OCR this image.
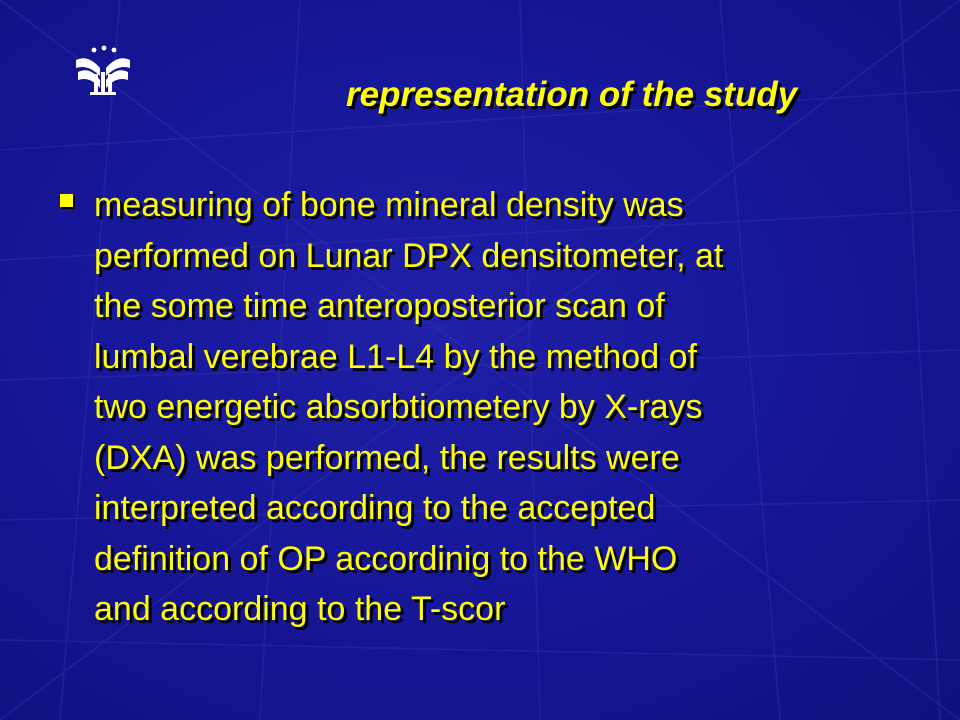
representation of the study

measuring of bone mineral density was
performed on Lunar DPX densitometer, at
the some time anteroposterior scan of
lumbal verebrae L1-L4 by the method of
two energetic absorbtiometery by X-rays
(DXA) was performed, the results were
interpreted according to the accepted
definition of OP accordinig to the WHO
and according to the T-scor
